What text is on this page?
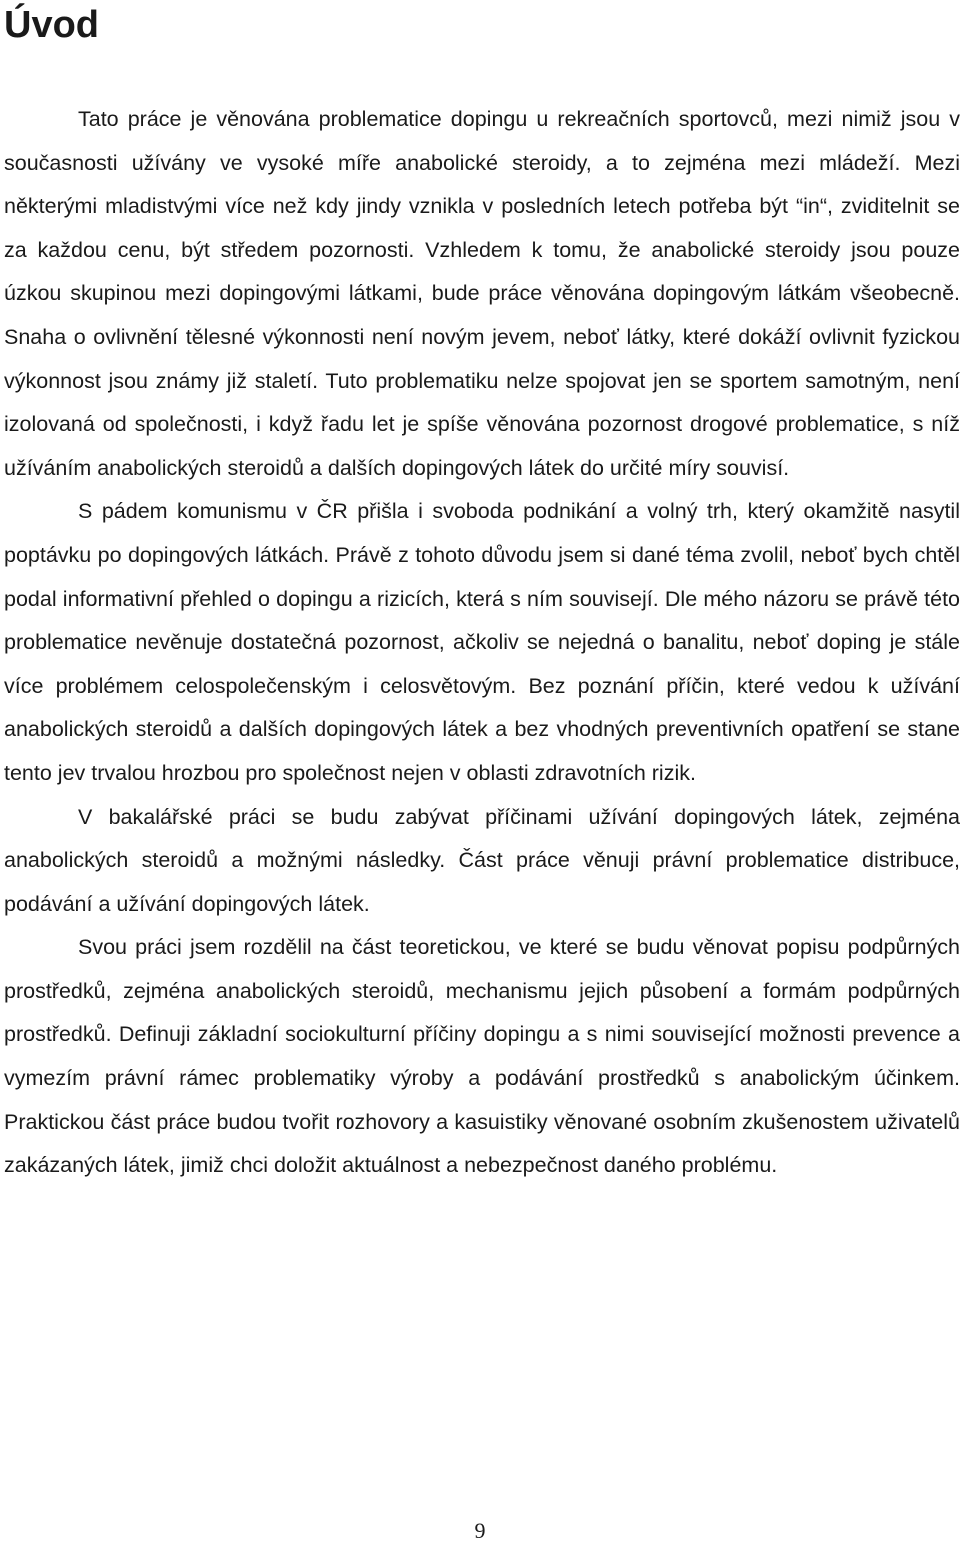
Úvod

Tato práce je věnována problematice dopingu u rekreačních sportovců, mezi nimiž jsou v současnosti užívány ve vysoké míře anabolické steroidy, a to zejména mezi mládeží. Mezi některými mladistvými více než kdy jindy vznikla v posledních letech potřeba být “in“, zviditelnit se za každou cenu, být středem pozornosti. Vzhledem k tomu, že anabolické steroidy jsou pouze úzkou skupinou mezi dopingovými látkami, bude práce věnována dopingovým látkám všeobecně. Snaha o ovlivnění tělesné výkonnosti není novým jevem, neboť látky, které dokáží ovlivnit fyzickou výkonnost jsou známy již staletí. Tuto problematiku nelze spojovat jen se sportem samotným, není izolovaná od společnosti, i když řadu let je spíše věnována pozornost drogové problematice, s níž užíváním anabolických steroidů a dalších dopingových látek do určité míry souvisí.

S pádem komunismu v ČR přišla i svoboda podnikání a volný trh, který okamžitě nasytil poptávku po dopingových látkách. Právě z tohoto důvodu jsem si dané téma zvolil, neboť bych chtěl podal informativní přehled o dopingu a rizicích, která s ním souvisejí. Dle mého názoru se právě této problematice nevěnuje dostatečná pozornost, ačkoliv se nejedná o banalitu, neboť doping je stále více problémem celospolečenským i celosvětovým. Bez poznání příčin, které vedou k užívání anabolických steroidů a dalších dopingových látek a bez vhodných preventivních opatření se stane tento jev trvalou hrozbou pro společnost nejen v oblasti zdravotních rizik.

V bakalářské práci se budu zabývat příčinami užívání dopingových látek, zejména anabolických steroidů a možnými následky. Část práce věnuji právní problematice distribuce, podávání a užívání dopingových látek.

Svou práci jsem rozdělil na část teoretickou, ve které se budu věnovat popisu podpůrných prostředků, zejména anabolických steroidů, mechanismu jejich působení a formám podpůrných prostředků. Definuji základní sociokulturní příčiny dopingu a s nimi související možnosti prevence a vymezím právní rámec problematiky výroby a podávání prostředků s anabolickým účinkem. Praktickou část práce budou tvořit rozhovory a kasuistiky věnované osobním zkušenostem uživatelů zakázaných látek, jimiž chci doložit aktuálnost a nebezpečnost daného problému.

9
